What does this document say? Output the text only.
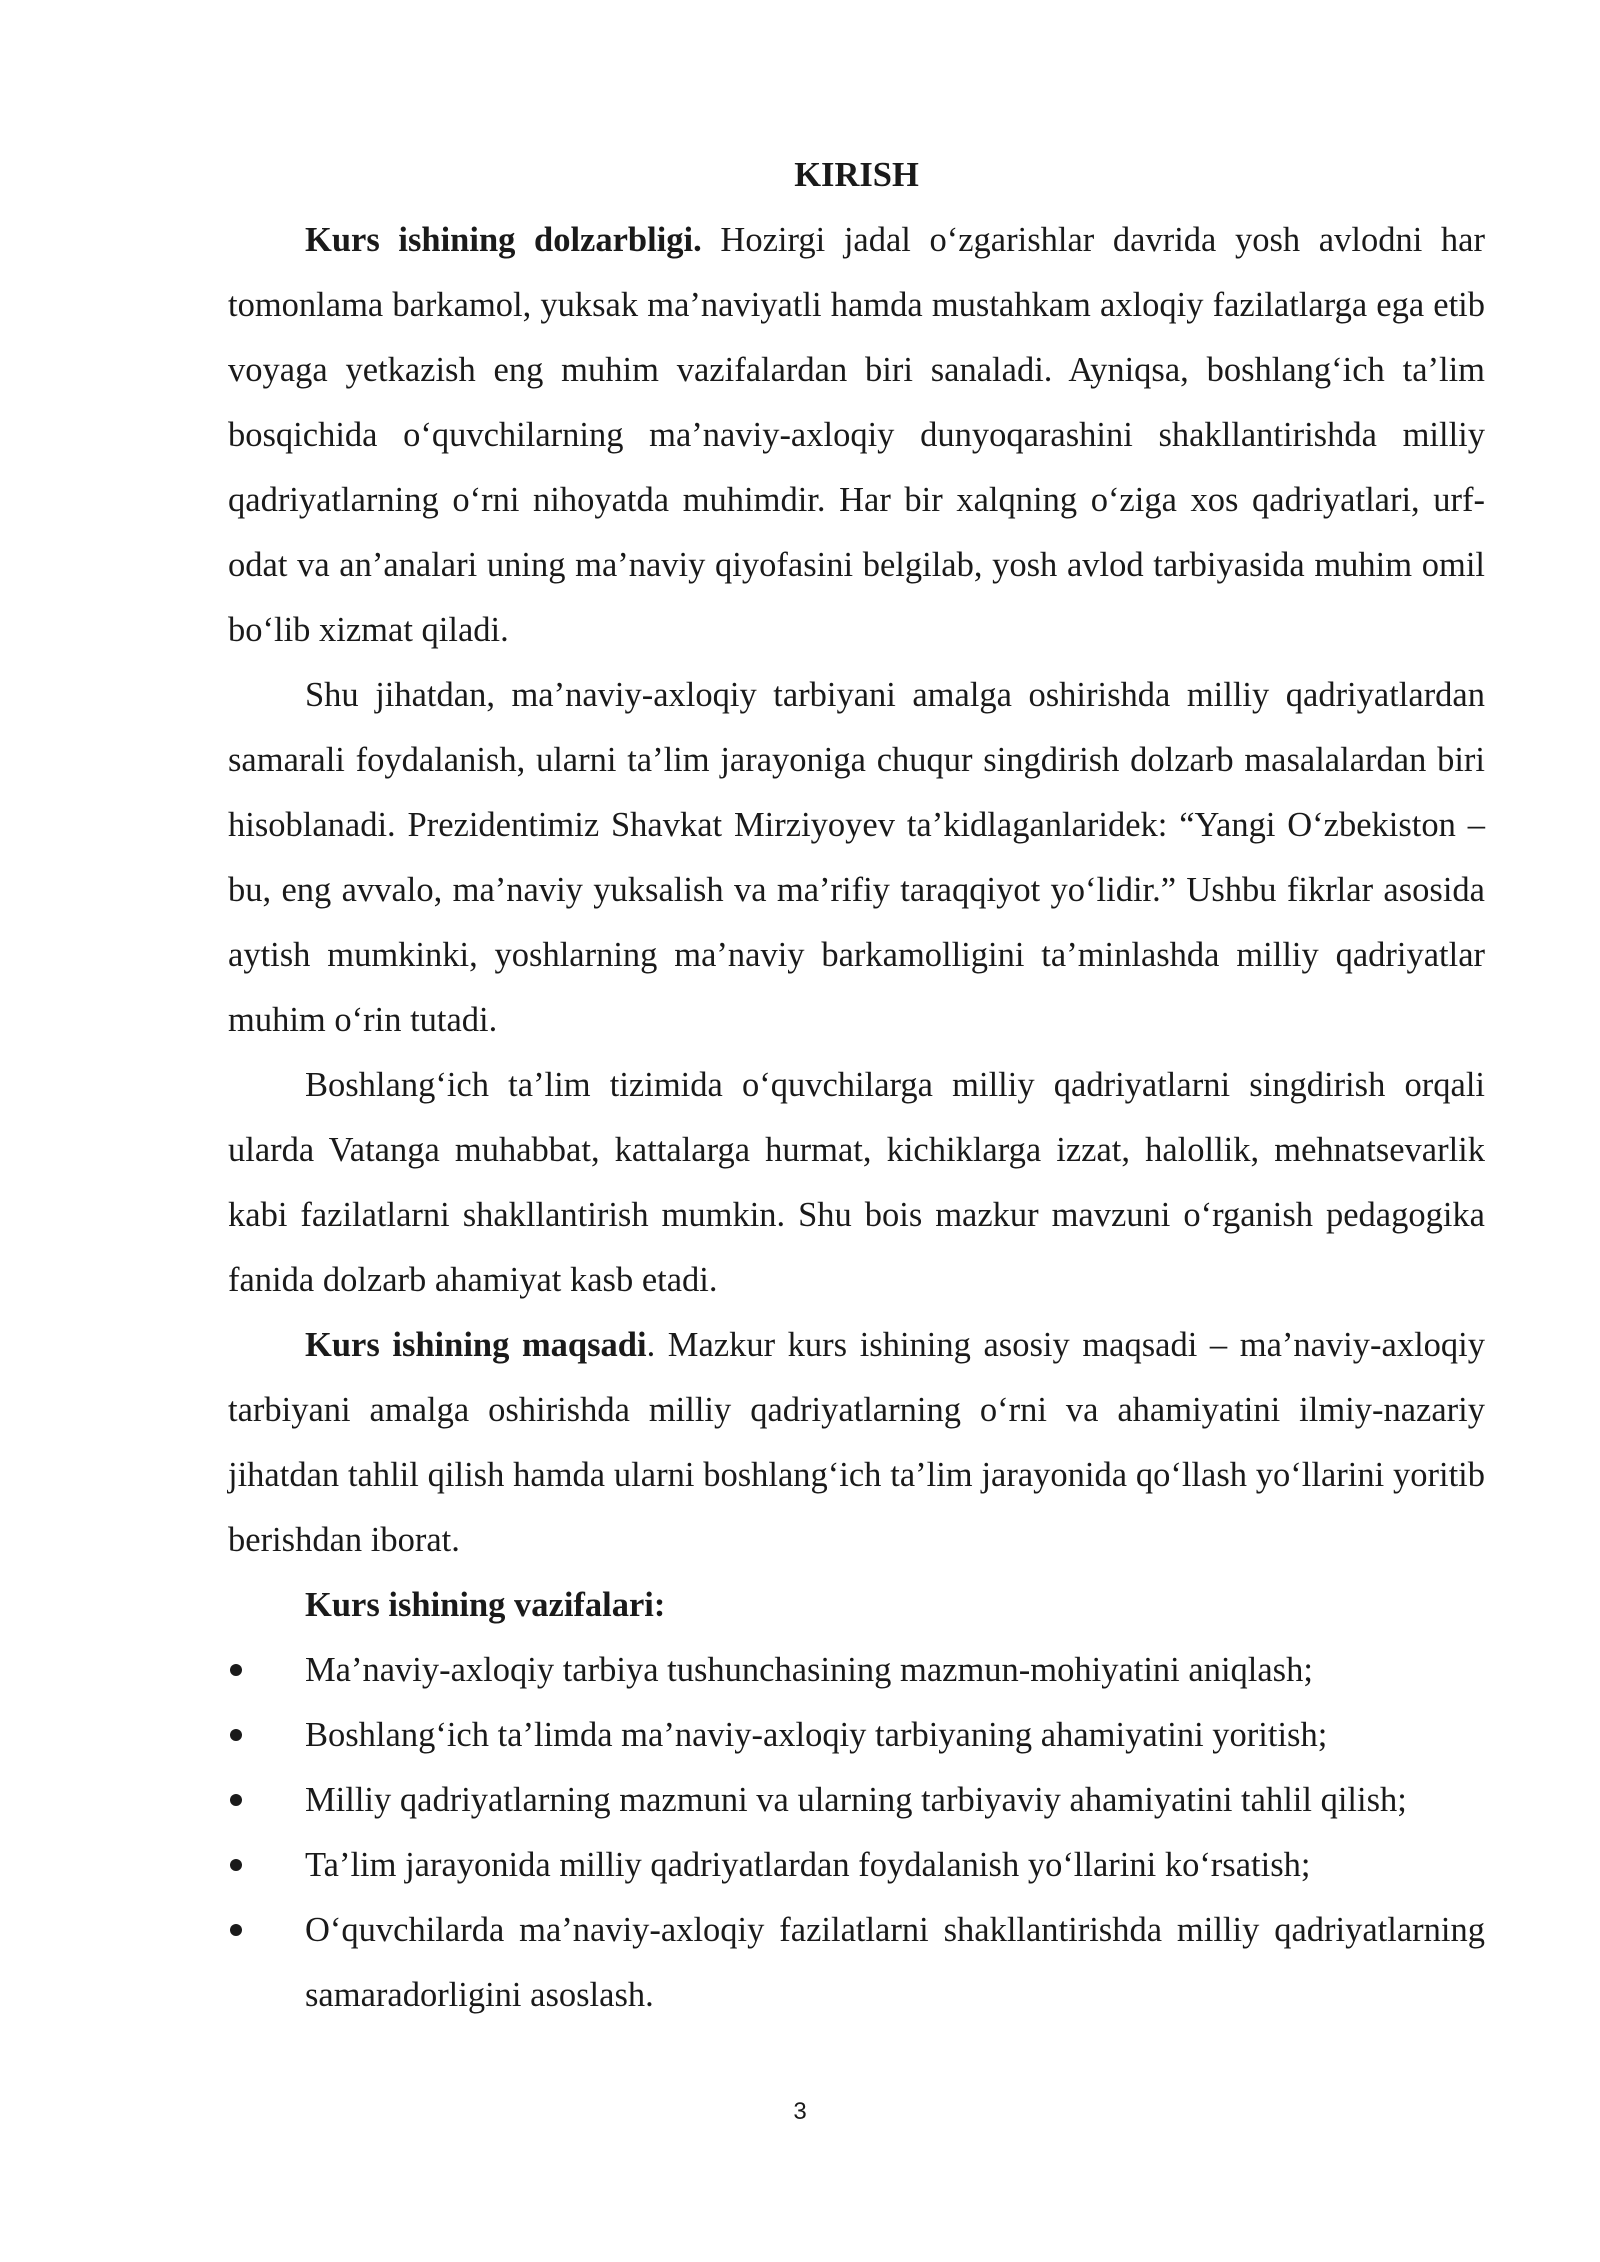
KIRISH

Kurs ishining dolzarbligi. Hozirgi jadal o‘zgarishlar davrida yosh avlodni har tomonlama barkamol, yuksak ma’naviyatli hamda mustahkam axloqiy fazilatlarga ega etib voyaga yetkazish eng muhim vazifalardan biri sanaladi. Ayniqsa, boshlang‘ich ta’lim bosqichida o‘quvchilarning ma’naviy-axloqiy dunyoqarashini shakllantirishda milliy qadriyatlarning o‘rni nihoyatda muhimdir. Har bir xalqning o‘ziga xos qadriyatlari, urf-odat va an’analari uning ma’naviy qiyofasini belgilab, yosh avlod tarbiyasida muhim omil bo‘lib xizmat qiladi.

Shu jihatdan, ma’naviy-axloqiy tarbiyani amalga oshirishda milliy qadriyatlardan samarali foydalanish, ularni ta’lim jarayoniga chuqur singdirish dolzarb masalalardan biri hisoblanadi. Prezidentimiz Shavkat Mirziyoyev ta’kidlaganlaridek: “Yangi O‘zbekiston – bu, eng avvalo, ma’naviy yuksalish va ma’rifiy taraqqiyot yo‘lidir.” Ushbu fikrlar asosida aytish mumkinki, yoshlarning ma’naviy barkamolligini ta’minlashda milliy qadriyatlar muhim o‘rin tutadi.

Boshlang‘ich ta’lim tizimida o‘quvchilarga milliy qadriyatlarni singdirish orqali ularda Vatanga muhabbat, kattalarga hurmat, kichiklarga izzat, halollik, mehnatsevarlik kabi fazilatlarni shakllantirish mumkin. Shu bois mazkur mavzuni o‘rganish pedagogika fanida dolzarb ahamiyat kasb etadi.

Kurs ishining maqsadi. Mazkur kurs ishining asosiy maqsadi – ma’naviy-axloqiy tarbiyani amalga oshirishda milliy qadriyatlarning o‘rni va ahamiyatini ilmiy-nazariy jihatdan tahlil qilish hamda ularni boshlang‘ich ta’lim jarayonida qo‘llash yo‘llarini yoritib berishdan iborat.

Kurs ishining vazifalari:

Ma’naviy-axloqiy tarbiya tushunchasining mazmun-mohiyatini aniqlash;
Boshlang‘ich ta’limda ma’naviy-axloqiy tarbiyaning ahamiyatini yoritish;
Milliy qadriyatlarning mazmuni va ularning tarbiyaviy ahamiyatini tahlil qilish;
Ta’lim jarayonida milliy qadriyatlardan foydalanish yo‘llarini ko‘rsatish;
O‘quvchilarda ma’naviy-axloqiy fazilatlarni shakllantirishda milliy qadriyatlarning samaradorligini asoslash.
3
